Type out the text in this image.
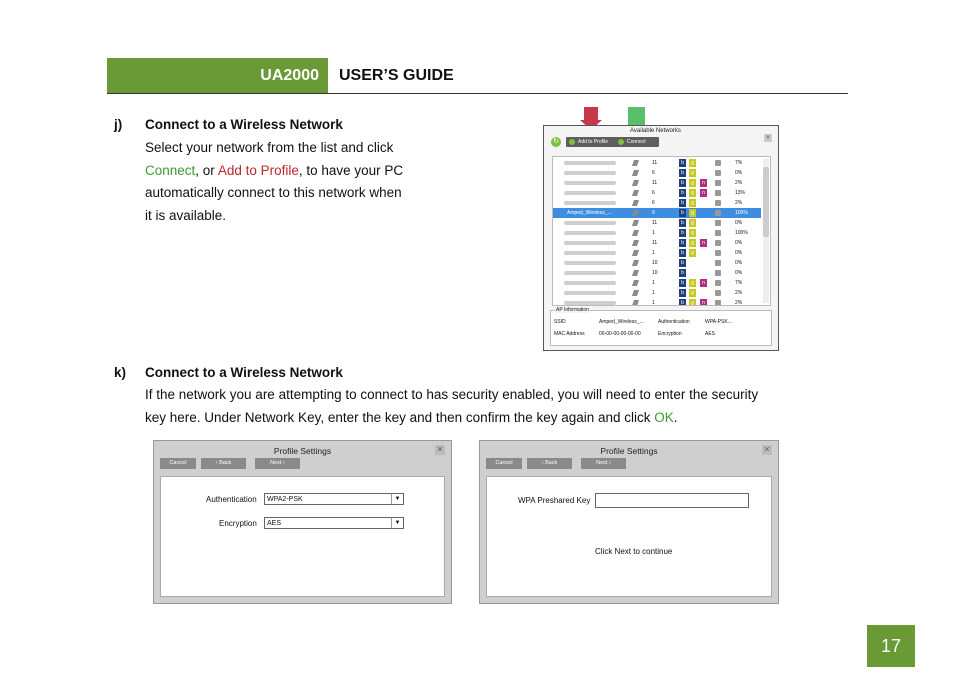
UA2000 USER’S GUIDE
j) Connect to a Wireless Network
Select your network from the list and click
Connect, or Add to Profile, to have your PC
automatically connect to this network when
it is available.
Available Networks
✕
↻	Add to Profile	Connect
11	b	g	7%
6	b	g	0%
11	b	g	n	2%
6	b	g	n	13%
6	b	g	2%
Amped_Wireless_...	9	b	g	100%
11	b	g	0%
1	b	g	100%
11	b	g	n	0%
1	b	g	0%
10	b	0%
10	b	0%
1	b	g	n	7%
1	b	g	2%
1	b	g	n	2%
AP Information
SSID	Amped_Wireless_...	Authentication	WPA-PSK...
MAC Address	00-00-00-00-00-00	Encryption	AES
k) Connect to a Wireless Network
If the network you are attempting to connect to has security enabled, you will need to enter the security
key here. Under Network Key, enter the key and then confirm the key again and click OK.
Profile Settings	✕
Cancel	‹ Back	Next ›
Authentication	WPA2-PSK	▼
Encryption	AES	▼
Profile Settings	✕
Cancel	‹ Back	Next ›
WPA Preshared Key
Click Next to continue
17
